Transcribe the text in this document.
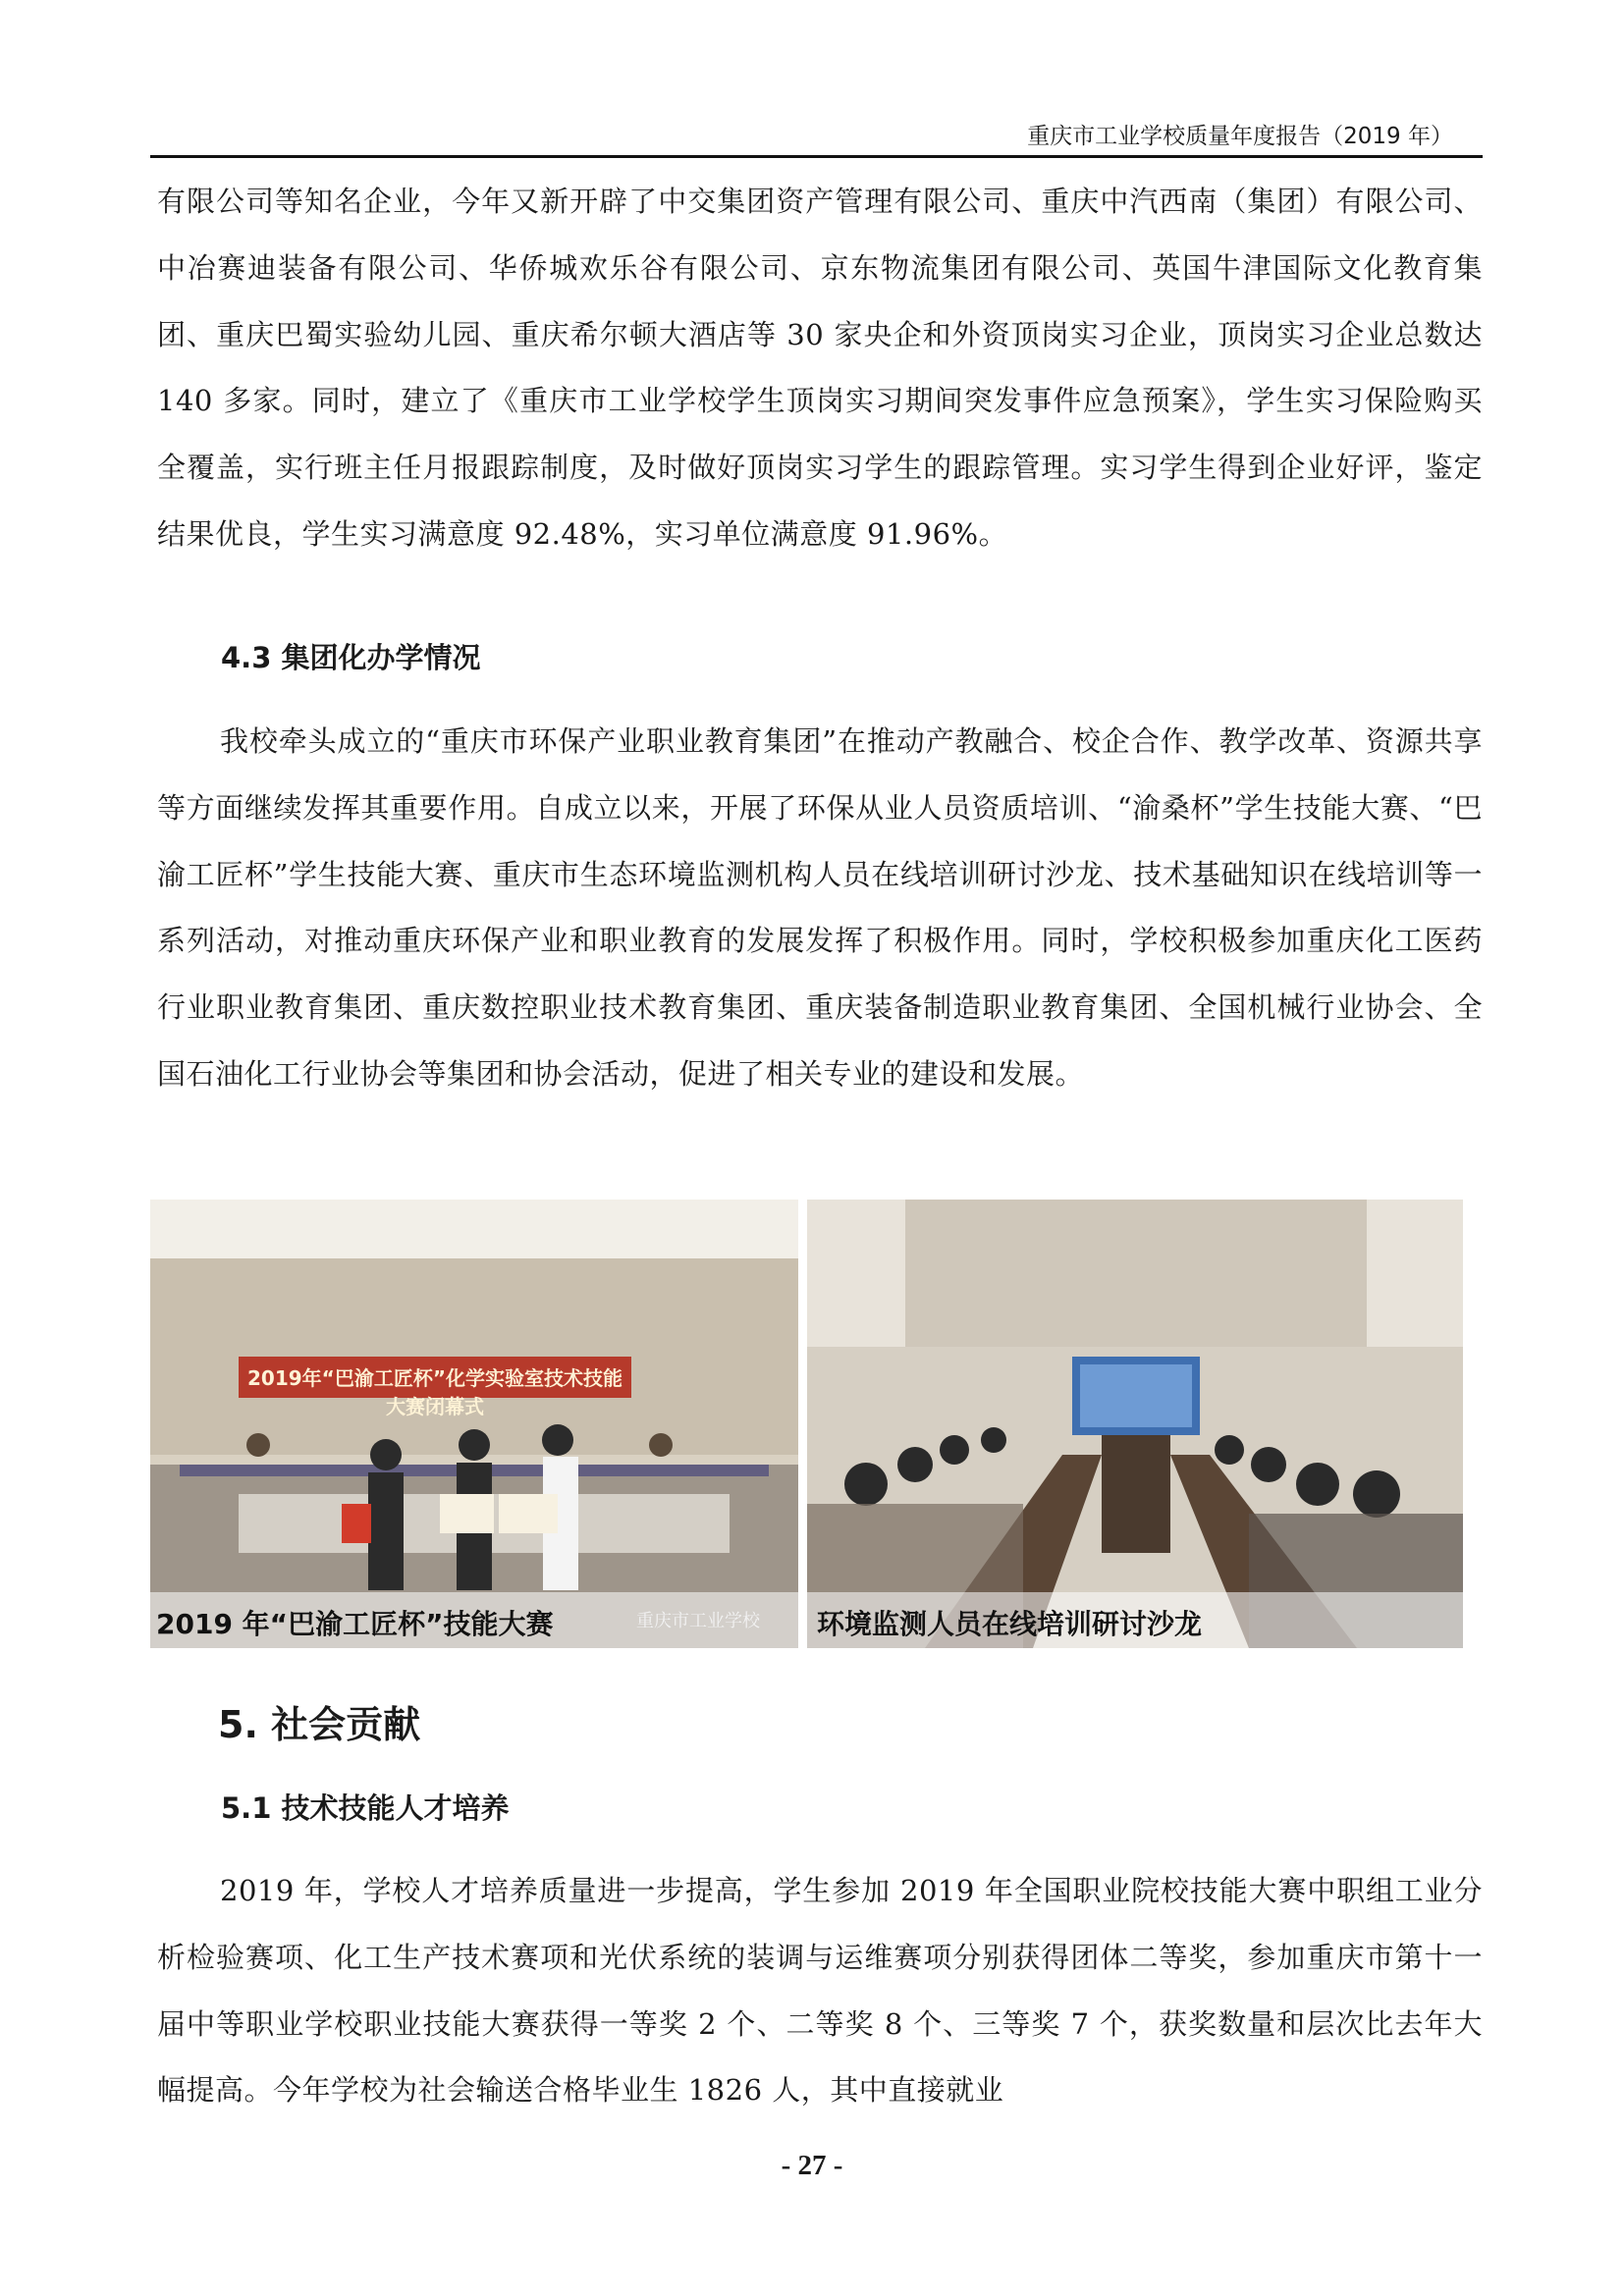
重庆市工业学校质量年度报告（2019 年）
有限公司等知名企业，今年又新开辟了中交集团资产管理有限公司、重庆中汽西南（集团）有限公司、中冶赛迪装备有限公司、华侨城欢乐谷有限公司、京东物流集团有限公司、英国牛津国际文化教育集团、重庆巴蜀实验幼儿园、重庆希尔顿大酒店等 30 家央企和外资顶岗实习企业，顶岗实习企业总数达 140 多家。同时，建立了《重庆市工业学校学生顶岗实习期间突发事件应急预案》，学生实习保险购买全覆盖，实行班主任月报跟踪制度，及时做好顶岗实习学生的跟踪管理。实习学生得到企业好评，鉴定结果优良，学生实习满意度 92.48%，实习单位满意度 91.96%。
4.3 集团化办学情况
我校牵头成立的“重庆市环保产业职业教育集团”在推动产教融合、校企合作、教学改革、资源共享等方面继续发挥其重要作用。自成立以来，开展了环保从业人员资质培训、“渝桑杯”学生技能大赛、“巴渝工匠杯”学生技能大赛、重庆市生态环境监测机构人员在线培训研讨沙龙、技术基础知识在线培训等一系列活动，对推动重庆环保产业和职业教育的发展发挥了积极作用。同时，学校积极参加重庆化工医药行业职业教育集团、重庆数控职业技术教育集团、重庆装备制造职业教育集团、全国机械行业协会、全国石油化工行业协会等集团和协会活动，促进了相关专业的建设和发展。
2019年“巴渝工匠杯”化学实验室技术技能大赛闭幕式
2019 年“巴渝工匠杯”技能大赛	重庆市工业学校 环境监测人员在线培训研讨沙龙
5. 社会贡献
5.1 技术技能人才培养
2019 年，学校人才培养质量进一步提高，学生参加 2019 年全国职业院校技能大赛中职组工业分析检验赛项、化工生产技术赛项和光伏系统的装调与运维赛项分别获得团体二等奖，参加重庆市第十一届中等职业学校职业技能大赛获得一等奖 2 个、二等奖 8 个、三等奖 7 个，获奖数量和层次比去年大幅提高。今年学校为社会输送合格毕业生 1826 人，其中直接就业
- 27 -
